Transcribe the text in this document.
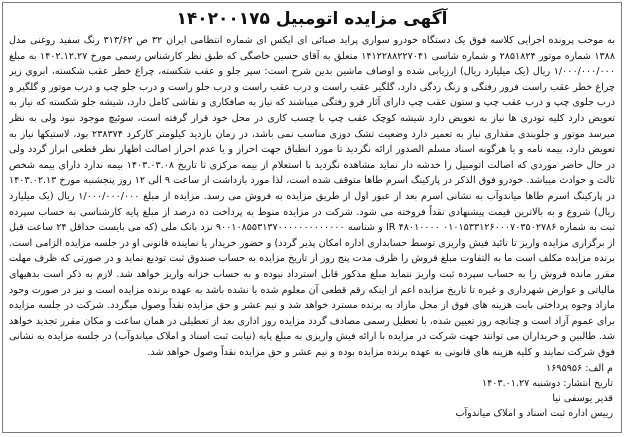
آگهی مزایده اتومبیل ۱۴۰۲۰۰۱۷۵

به موجب پرونده اجرایی کلاسه فوق یک دستگاه خودرو سواری پراید صبائی ای ایکس ای شماره انتظامی ایران ۳۲ ص ۳۱۳/۶۲ رنگ سفید روغنی مدل ۱۳۸۸ شماره موتور ۲۸۵۱۸۲۴ و شماره شاسی ۱۴۱۲۲۸۸۲۲۷۰۴۱ متعلق به آقای حسین خاصگی که طبق نظر کارشناس رسمی مورخ ۱۴۰۲.۱۲.۲۷ به مبلغ ۱/۰۰۰/۰۰۰/۰۰۰ ریال (یک میلیارد ریال) ارزیابی شده و اوصاف ماشین بدین شرح است: سپر جلو و عقب شکسته، چراغ خطر عقب شکسته، ابروی زیر چراغ خطر عقب راست فرور رفتگی و زنگ زدگی دارد، گلگیر عقب راست و درب عقب راست و درب جلو راست و درب جلو چپ و درب موتور و گلگیر و درب جلوی چپ و درب عقب چپ و ستون عقب چپ دارای آثار فرو رفتگی میباشند که نیاز به صافکاری و نقاشی کامل دارد، شیشه جلو شکسته که نیاز به تعویض دارد کلیه تودری ها نیاز به تعویض دارد شیشه کوچک عقب چپ با چسب کاری در محل خود قرار گرفته است، سوئیچ موجود نبود ولی به نظر میرسد موتور و جلوبندی مقداری نیاز به تعمیر دارد وضعیت تشک دوزی مناسب نمی باشد، در زمان بازدید کیلومتر کارکرد ۲۳۸۳۷۴ بود، لاستیکها نیاز به تعویض دارد، بیمه نامه و یا هرگونه اسناد مسلم الصدور ارائه نگردید تا مورد انطباق جهت احراز و یا عدم احراز اصالت اظهار نظر قطعی ابراز گردد ولی در حال حاضر موردی که اصالت اتومبیل را خدشه دار نماید مشاهده نگردید با استعلام از بیمه مرکزی تا تاریخ ۱۴۰۳.۰۳.۰۸ بیمه ندارد دارای بیمه شخص ثالث و حوادث میباشد. خودرو فوق الذکر در پارکینگ اسرم طاها متوقف شده است، لذا مورد بازداشت از ساعت ۹ الی ۱۲ روز پنجشنبه مورخ ۱۴۰۳.۰۲.۱۳ در پارکینگ اسرم طاها میاندوآب به نشانی اسرم بعد از عبور اول از طریق مزایده به فروش می رسد. مزایده از مبلغ ۱/۰۰۰/۰۰۰/۰۰۰ ریال (یک میلیارد ریال) شروع و به بالاترین قیمت پیشنهادی نقداً فروخته می شود. شرکت در مزایده منوط به پرداخت ده درصد از مبلغ پایه کارشناسی به حساب سپرده ثبت به شماره ۰۱۰۱۵۳۳۱۲۶۰۰۰۷۰۳۵۰۲۷۸۶ IR ۴۸۰۱۰۰۰۰ و شناسه ۹۰۰۱۰۸۵۵۳۱۳۷۰۰۰۰۰۰۰۰۰۰۰۰۰ نزد بانک ملی (که می بایست حداقل ۲۴ ساعت قبل از برگزاری مزایده واریز تا تائید فیش واریزی توسط حسابداری اداره امکان پذیر گردد) و حضور خریدار یا نماینده قانونی او در جلسه مزایده الزامی است. برنده مزایده مکلف است ما به التفاوت مبلغ فروش را ظرف مدت پنج روز از تاریخ مزایده به حساب صندوق ثبت تودیع نماید و در صورتی که ظرف مهلت مقرر مانده فروش را به حساب سپرده ثبت واریز ننماید مبلغ مذکور قابل استرداد نبوده و به حساب خزانه واریز خواهد شد. لازم به ذکر است بدهیهای مالیاتی و عوارض شهرداری و غیره تا تاریخ مزایده اعم از اینکه رقم قطعی آن معلوم شده یا نشده باشد به عهده برنده مزایده است و نیز در صورت وجود مازاد وجوه پرداختی بابت هزینه های فوق از محل مازاد به برنده مسترد خواهد شد و نیم عشر و حق مزایده نقداً وصول میگردد. شرکت در جلسه مزایده برای عموم آزاد است و چنانچه روز تعیین شده، با تعطیل رسمی مصادف گردد مزایده روز اداری بعد از تعطیلی در همان ساعت و مکان مقرر تجدید خواهد شد. طالبین و خریداران می توانند جهت شرکت در مزایده با ارائه فیش واریزی به مبلغ پایه (نیابت ثبت اسناد و املاک میاندوآب) در جلسه مزایده به نشانی فوق شرکت نمایند و کلیه هزینه های قانونی به عهده برنده مزایده بوده و نیم عشر و حق مزایده نقداً وصول خواهد شد.

م الف: ۱۶۹۵۹۵۶
تاریخ انتشار: دوشنبه ۱۴۰۳.۰۱.۲۷
قدیر یوسفی نیا
رییس اداره ثبت اسناد و املاک میاندوآب
